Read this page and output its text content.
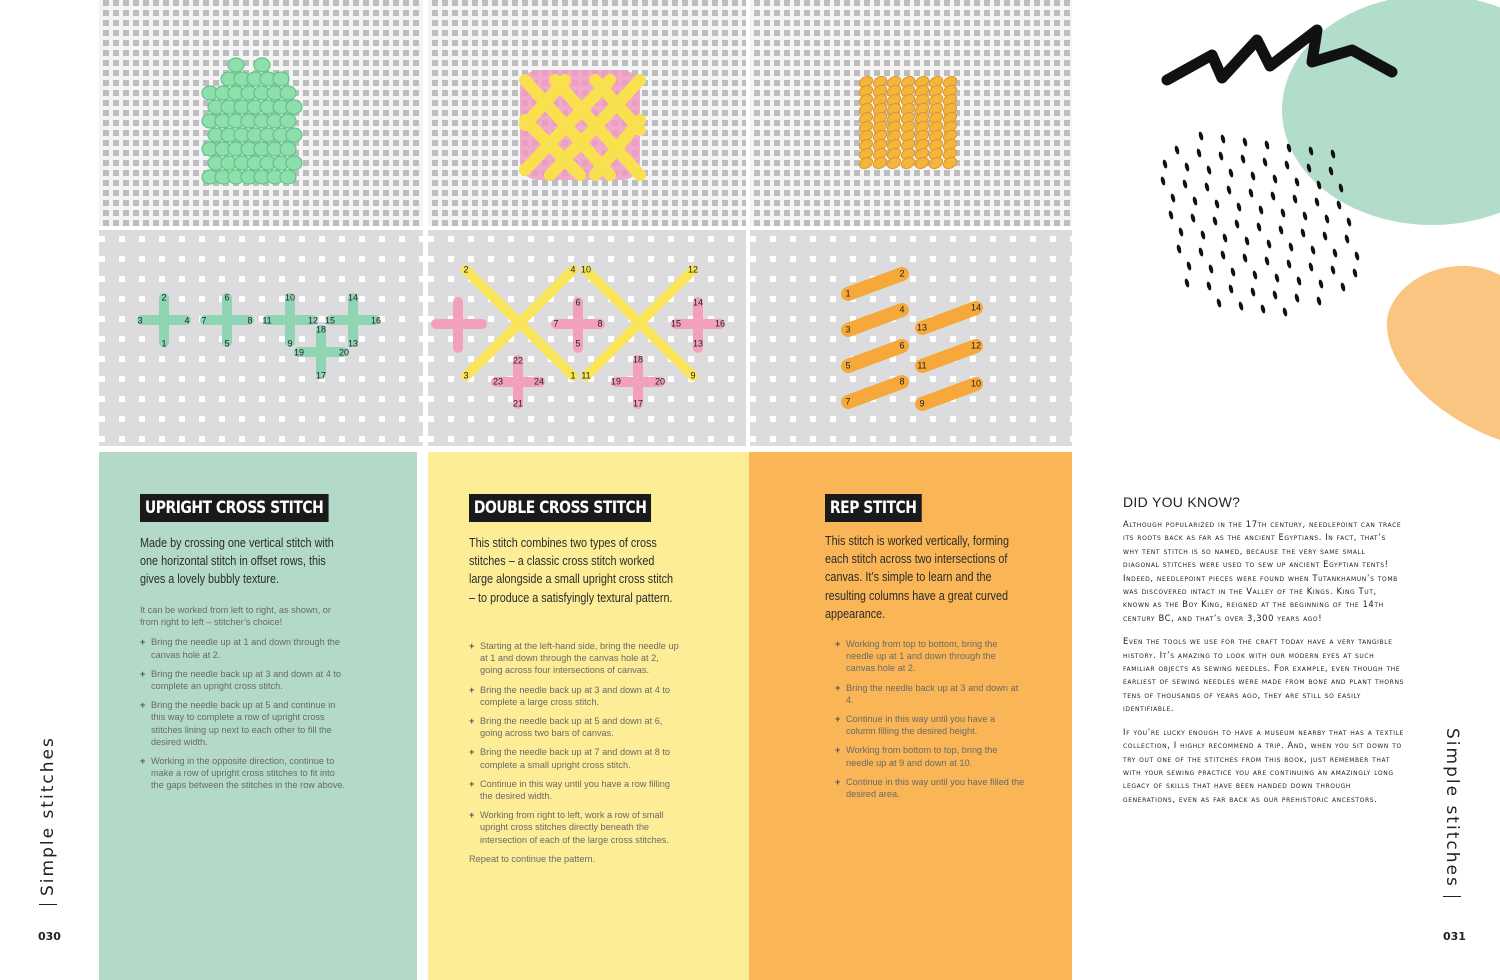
Simple stitches
030
1
2
3	4
5
6
7	8
9
10
11	12
13
14
15	16
17
18
19	20
1
2
3
4
5
6
7	8
9
10
11
12
13
14
15	16
17
18
19	20
21
22
23	24
1
2
3
4
5
6
7
8
9
10
11
12
13
14
UPRIGHT CROSS STITCH
Made by crossing one vertical stitch with one horizontal stitch in offset rows, this gives a lovely bubbly texture.
It can be worked from left to right, as shown, or from right to left – stitcher’s choice!
+ Bring the needle up at 1 and down through the canvas hole at 2.
+ Bring the needle back up at 3 and down at 4 to complete an upright cross stitch.
+ Bring the needle back up at 5 and continue in this way to complete a row of upright cross stitches lining up next to each other to fill the desired width.
+ Working in the opposite direction, continue to make a row of upright cross stitches to fit into the gaps between the stitches in the row above.
DOUBLE CROSS STITCH
This stitch combines two types of cross stitches – a classic cross stitch worked large alongside a small upright cross stitch – to produce a satisfyingly textural pattern.
+ Starting at the left-hand side, bring the needle up at 1 and down through the canvas hole at 2, going across four intersections of canvas.
+ Bring the needle back up at 3 and down at 4 to complete a large cross stitch.
+ Bring the needle back up at 5 and down at 6, going across two bars of canvas.
+ Bring the needle back up at 7 and down at 8 to complete a small upright cross stitch.
+ Continue in this way until you have a row filling the desired width.
+ Working from right to left, work a row of small upright cross stitches directly beneath the intersection of each of the large cross stitches.
Repeat to continue the pattern.
REP STITCH
This stitch is worked vertically, forming each stitch across two intersections of canvas. It’s simple to learn and the resulting columns have a great curved appearance.
+ Working from top to bottom, bring the needle up at 1 and down through the canvas hole at 2.
+ Bring the needle back up at 3 and down at 4.
+ Continue in this way until you have a column filling the desired height.
+ Working from bottom to top, bring the needle up at 9 and down at 10.
+ Continue in this way until you have filled the desired area.
DID YOU KNOW?
Although popularized in the 17th century, needlepoint can trace its roots back as far as the ancient Egyptians. In fact, that’s why tent stitch is so named, because the very same small diagonal stitches were used to sew up ancient Egyptian tents! Indeed, needlepoint pieces were found when Tutankhamun’s tomb was discovered intact in the Valley of the Kings. King Tut, known as the Boy King, reigned at the beginning of the 14th century BC, and that’s over 3,300 years ago!
Even the tools we use for the craft today have a very tangible history. It’s amazing to look with our modern eyes at such familiar objects as sewing needles. For example, even though the earliest of sewing needles were made from bone and plant thorns tens of thousands of years ago, they are still so easily identifiable.
If you’re lucky enough to have a museum nearby that has a textile collection, I highly recommend a trip. And, when you sit down to try out one of the stitches from this book, just remember that with your sewing practice you are continuing an amazingly long legacy of skills that have been handed down through generations, even as far back as our prehistoric ancestors.	Simple stitches
031
